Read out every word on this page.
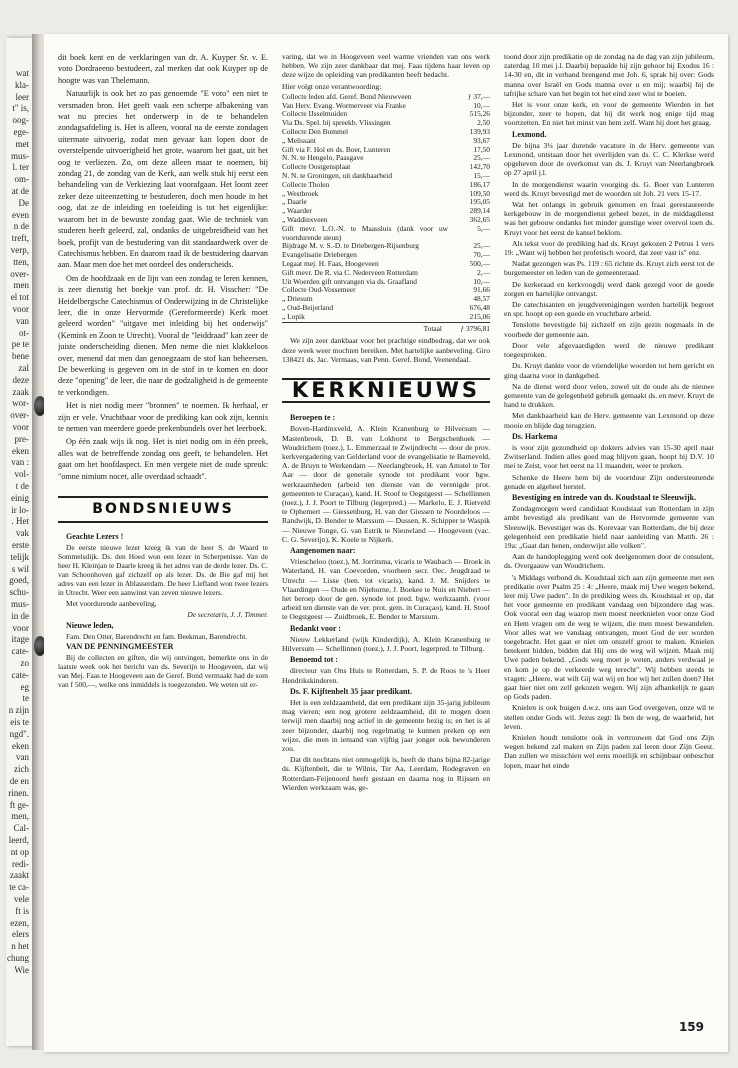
wat
kla-
leer
t" is,
oog-
ege-
met
mus-
l. ter
om-
at de
De
even
n de
treft,
verp,
tten,
over-
men
el tot
voor
van
ot-
pe te
bene
zal
deze
zaak
wor-
over-
voor
pre-
eken
van :
vol-
t de
einig
ir lo-
. Het
vak
erste
telijk
s wil
goed,
schu-
mus-
in de
voor
itage
cate-
zo
cate-
eg
te
n zijn
eis te
ngd".
eken
van
zich
de en
rinen.
ft ge-
men,
Cal-
leerd,
nt op
redi-
zaakt
te ca-
vele
ft is
ezen,
elers
n het
chung
Wie

dit boek kent en de verklaringen van dr. A. Kuyper Sr. v. E. voto Dordraeeno bestudeert, zal merken dat ook Kuyper op de hoogte was van Thelemann.

Natuurlijk is ook het zo pas genoemde "E voto" een niet te versmaden bron. Het geeft vaak een scherpe afbakening van wat nu precies het onderwerp in de te behandelen zondagsafdeling is. Het is alleen, vooral na de eerste zondagen uitermate uitvoerig, zodat men gevaar kan lopen door de overstelpende uitvoerigheid het grote, waarom het gaat, uit het oog te verliezen. Zo, om deze alleen maar te noemen, bij zondag 21, de zondag van de Kerk, aan welk stuk hij eerst een behandeling van de Verkiezing laat voorafgaan. Het loont zeer zeker deze uiteenzetting te bestuderen, doch men houde in het oog, dat ze de inleiding en toeleiding is tot het eigenlijke: waarom het in de bewuste zondag gaat. Wie de techniek van studeren heeft geleerd, zal, ondanks de uitgebreidheid van het boek, profijt van de bestudering van dit standaardwerk over de Catechismus hebben. En daarom raad ik de bestudering daarvan aan. Maar men doe het met oordeel des onderscheids.

Om de hoofdzaak en de lijn van een zondag te leren kennen, is zeer dienstig het boekje van prof. dr. H. Visscher: "De Heidelbergsche Catechismus of Onderwijzing in de Christelijke leer, die in onze Hervormde (Gereformeerde) Kerk moet geleerd worden" "uitgave met inleiding bij het onderwijs" (Kemink en Zoon te Utrecht). Vooral de "leiddraad" kan zeer de juiste onderscheiding dienen. Men neme die niet klakkeloos over, menend dat men dan genoegzaam de stof kan beheersen. De bewerking is gegeven om in de stof in te komen en door deze "opening" de leer, die naar de godzaligheid is de gemeente te verkondigen.

Het is niet nodig meer "bronnen" te noemen. Ik herhaal, er zijn er vele. Vruchtbaar voor de prediking kan ook zijn, kennis te nemen van meerdere goede prekenbundels over het leerboek.

Op één zaak wijs ik nog. Het is niet nodig om in één preek, alles wat de betreffende zondag ons geeft, te behandelen. Het gaat om het hoofdaspect. En men vergete niet de oude spreuk: "omne nimium nocet, alle overdaad schaadt".

BONDSNIEUWS

Geachte Lezers !

De eerste nieuwe lezer kreeg ik van de heer S. de Waard te Sommelsdijk. Ds. den Hoed won een lezer in Scherpenisse. Van de heer H. Kleinjan te Daarle kreeg ik het adres van de derde lezer. Ds. C. van Schoonhoven gaf zichzelf op als lezer. Ds. de Bie gaf mij het adres van een lezer in Ablasserdam. De heer Liefland won twee lezers in Utrecht. Weer een aanwinst van zeven nieuwe lezers.

Met voordurende aanbeveling,

De secretaris, J. J. Timmer.

Nieuwe leden,

Fam. Den Otter, Barendrecht en fam. Beekman, Barendrecht.

VAN DE PENNINGMEESTER

Bij de collecten en giften, die wij ontvingen, bemerkte ons in de laatste week ook het bericht van ds. Severijn te Hoogeveen, dat wij van Mej. Faas te Hoogeveen aan de Geref. Bond vermaakt had de som van f 500,—, welke ons inmiddels is toegezonden. We weten uit er-

varing, dat we in Hoogeveen veel warme vrienden van ons werk hebben. We zijn zeer dankbaar dat mej. Faas tijdens haar leven op deze wijze de opleiding van predikanten heeft bedacht.

Hier volgt onze verantwoording:

Collecte leden afd. Geref. Bond Nieuwveen	ƒ 37,—
Van Herv. Evang. Wormerveer via Franke	10,—
Collecte IJsselmuiden	515,26
Via Ds. Spel. bij spreekb. Vlissingen	2,50
Collecte Den Bommel	139,93
„ Melissant	93,67
Gift via F. Hol en ds. Boer, Lunteren	17,50
N. N. te Hengelo, Paasgave	25,—
Collecte Oostgensplaat	142,70
N. N. te Groningen, uit dankbaarheid	15,—
Collecte Tholen	186,17
„ Westbroek	109,50
„ Daarle	195,05
„ Waarder	289,14
„ Waddinxveen	362,65
Gift mevr. L.O.-N. te Maassluis (dank voor uw voortdurende steun)	5,—
Bijdrage M. v. S.-D. te Driebergen-Rijsenburg	25,—
Evangelisatie Driebergen	70,—
Legaat mej. H. Faas, Hoogeveen	500,—
Gift mevr. De R. via C. Nederveen Rotterdam	2,—
Uit Woerden gift ontvangen via ds. Graafland	10,—
Collecte Oud-Vossemeer	91,66
„ Driesum	48,57
„ Oud-Beijerland	676,48
„ Lopik	215,06
Totaal	ƒ 3796,81

We zijn zeer dankbaar voor het prachtige eindbedrag, dat we ook deze week weer mochten bereiken. Met hartelijke aanbeveling. Giro 138421 ds. Jac. Vermaas, van Penn. Geref. Bond, Veenendaal.

KERKNIEUWS

Beroepen te :

Boven-Hardinxveld, A. Klein Kranenburg te Hilversum — Mastenbroek, D. B. van Lokhorst te Bergschenhoek — Woudrichem (toez.), L. Emmerzaal te Zwijndrecht — door de prov. kerkvergadering van Gelderland voor de evangelisatie te Barneveld, A. de Bruyn te Werkendam — Neerlangbroek, H. van Amstel te Ter Aar — door de generale synode tot predikant voor bgw. werkzaamheden (arbeid ten dienste van de verenigde prot. gemeenten te Curaçao), kand. H. Stoof te Oegstgeest — Schellinnen (toez.), J. J. Poort te Tilburg (legerpred.) — Markelo, E. J. Rietveld te Ophemert — Giessenburg, H. van der Giessen te Noordeloos — Randwijk, D. Bender te Marssum — Dussen, K. Schipper te Waspik — Nieuwe Tonge, G. van Estrik te Nieuwland — Hoogeveen (vac. C. G. Severijn), K. Koele te Nijkerk.

Aangenomen naar:

Vriescheloo (toez.), M. Jorritsma, vicaris te Waubach — Broek in Waterland, H. van Coevorden, voorheen secr. Oec. Jeugdraad te Utrecht — Lisse (ben. tot vicaris), kand. J. M. Snijders te Vlaardingen — Oude en Nijehorne, J. Boekee te Nuis en Niebert — het beroep door de gen. synode tot pred. bgw. werkzaamh. (voor arbeid ten dienste van de ver. prot. gem. in Curaçao), kand. H. Stoof te Oegstgeest — Zuidbroek, E. Bender te Marssum.

Bedankt voor :

Nieuw Lekkerland (wijk Kinderdijk), A. Klein Kranenburg te Hilversum — Schellinnen (toez.), J. J. Poort, legerpred. te Tilburg.

Benoemd tot :

directeur van Ons Huis te Rotterdam, S. P. de Roos te 's Heer Hendrikskinderen.

Ds. F. Kijftenbelt 35 jaar predikant.

Het is een zeldzaamheid, dat een predikant zijn 35-jarig jubileum mag vieren; een nog grotere zeldzaamheid, dit te mogen doen terwijl men daarbij nog actief in de gemeente bezig is; en het is al zeer bijzonder, daarbij nog regelmatig te kunnen preken op een wijze, die men in iemand van vijftig jaar jonger ook bewonderen zou.

Dat dit nochtans niet onmogelijk is, heeft de thans bijna 82-jarige ds. Kijftenbelt, die te Wilnis, Ter Aa, Leerdam, Rodegraven en Rotterdam-Feijenoord heeft gestaan en daarna nog in Rijssen en Wierden werkzaam was, ge-

toond door zijn predikatie op de zondag na de dag van zijn jubileum, zaterdag 10 mei j.l. Daarbij bepaalde hij zijn gehoor bij Exodus 16 : 14-30 en, dit in verband brengend met Joh. 6, sprak hij over: Gods manna over Israël en Gods manna over u en mij; waarbij hij de tafrijke schare van het begin tot het eind zeer wist te boeien.

Het is voor onze kerk, en voor de gemeente Wierden in het bijzonder, zeer te hopen, dat hij dit werk nog enige tijd mag voortzetten. En niet het minst van hem zelf. Want hij doet het graag.

Lexmond.

De bijna 3¼ jaar durende vacature in de Herv. gemeente van Lexmond, ontstaan door het overlijden van ds. C. C. Klerkse werd opgeheven door de overkomst van ds. J. Kruyt van Neerlangbroek op 27 april j.l.

In de morgendienst waarin voorging ds. G. Boer van Lunteren werd ds. Kruyt bevestigd met de woorden uit Joh. 21 vers 15-17.

Wat het onlangs in gebruik genomen en fraai gerestaureerde kerkgebouw in de morgendienst geheel bezet, in de middagdienst was het gebouw ondanks het minder gunstige weer overvol toen ds. Kruyt voor het eerst de kansel beklom.

Als tekst voor de prediking had ds. Kruyt gekozen 2 Petrus 1 vers 19: „Want wij hebben het profetisch woord, dat zeer vast is" enz.

Nadat gezongen was Ps. 119 : 65 richtte ds. Kruyt zich eerst tot de burgemeester en leden van de gemeenteraad.

De kerkeraad en kerkvoogdij werd dank gezegd voor de goede zorgen en hartelijke ontvangst.

De catechisanten en jeugdverenigingen werden hartelijk begroet en spr. hoopt op een goede en vruchtbare arbeid.

Tenslotte bevestigde hij zichzelf en zijn gezin nogmaals in de voorbede der gemeente aan.

Door vele afgevaardigden werd de nieuwe predikant toegesproken.

Ds. Kruyt dankte voor de vriendelijke woorden tot hem gericht en ging daarna voor in dankgebed.

Na de dienst werd door velen, zowel uit de oude als de nieuwe gemeente van de gelegenheid gebruik gemaakt ds. en mevr. Kruyt de hand te drukken.

Met dankbaarheid kan de Herv. gemeente van Lexmond op deze mooie en blijde dag terugzien.

Ds. Harkema

is voor zijn gezondheid op dokters advies van 15-30 april naar Zwitserland. Indien alles goed mag blijven gaan, hoopt hij D.V. 10 mei te Zeist, voor het eerst na 11 maanden, weer te preken.

Schenke de Heere hem bij de voortduur Zijn ondersteunende genade en algeheel herstel.

Bevestiging en intrede van ds. Koudstaal te Sleeuwijk.

Zondagmorgen werd candidaat Koudstaal van Rotterdam in zijn ambt bevestigd als predikant van de Hervormde gemeente van Sleeuwijk. Bevestiger was ds. Korevaar van Rotterdam, die bij deze gelegenheid een predikatie hield naar aanleiding van Matth. 26 : 19a: „Gaat dan henen, onderwijst alle volken".

Aan de handoplegging werd ook deelgenomen door de consulent, ds. Overgaauw van Woudrichem.

's Middags verbond ds. Koudstaal zich aan zijn gemeente met een predikatie over Psalm 25 : 4: „Heere, maak mij Uwe wegen bekend, leer mij Uwe paden". In de prediking wees ds. Koudstaal er op, dat het voor gemeente en predikant vandaag een bijzondere dag was. Ook vooral een dag waarop men moest neerknielen voor onze God en Hem vragen om de weg te wijzen, die men moest bewandelen. Voor alles wat we vandaag ontvangen, moet God de eer worden toegebracht. Het gaat er niet om onszelf groot te maken. Knielen betekent bidden, bidden dat Hij ons de weg wil wijzen. Maak mij Uwe paden bekend. „Gods weg moet je weten, anders verdwaal je en kom je op de verkeerde weg terecht". Wij hebben steeds te vragen: „Heere, wat wilt Gij wat wij en hoe wij het zullen doen? Het gaat hier niet om zelf gekozen wegen. Wij zijn afhankelijk te gaan op Gods paden.

Knielen is ook buigen d.w.z. ons aan God overgeven, onze wil te stellen onder Gods wil. Jezus zegt: Ik ben de weg, de waarheid, het leven.

Knielen houdt tenslotte ook in vertrouwen dat God ons Zijn wegen bekend zal maken en Zijn paden zal leren door Zijn Geest. Dan zullen we misschien wel eens moeilijk en schijnbaar onbeschut lopen, maar het einde

159
